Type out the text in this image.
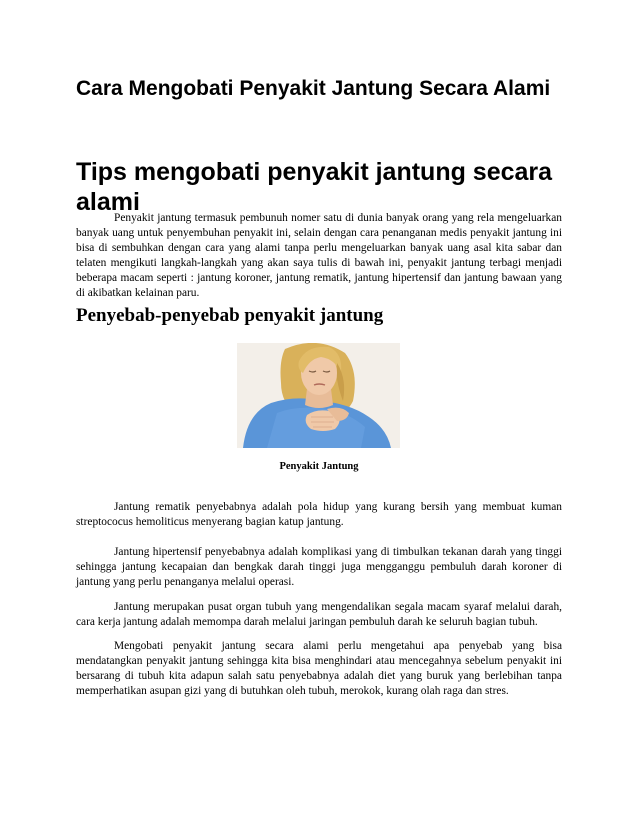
Cara Mengobati Penyakit Jantung Secara Alami
Tips mengobati penyakit jantung secara alami

Penyakit jantung termasuk pembunuh nomer satu di dunia banyak orang yang rela mengeluarkan banyak uang untuk penyembuhan penyakit ini, selain dengan cara penanganan medis penyakit jantung ini bisa di sembuhkan dengan cara yang alami tanpa perlu mengeluarkan banyak uang asal kita sabar dan telaten mengikuti langkah-langkah yang akan saya tulis di bawah ini, penyakit jantung terbagi menjadi beberapa macam seperti : jantung koroner, jantung rematik, jantung hipertensif dan jantung bawaan yang di akibatkan kelainan paru.

Penyebab-penyebab penyakit jantung
Penyakit Jantung

Jantung rematik penyebabnya adalah pola hidup yang kurang bersih yang membuat kuman streptococus hemoliticus menyerang bagian katup jantung.

Jantung hipertensif penyebabnya adalah komplikasi yang di timbulkan tekanan darah yang tinggi sehingga jantung kecapaian dan bengkak darah tinggi juga mengganggu pembuluh darah koroner di jantung yang perlu penanganya melalui operasi.

Jantung merupakan pusat organ tubuh yang mengendalikan segala macam syaraf melalui darah, cara kerja jantung adalah memompa darah melalui jaringan pembuluh darah ke seluruh bagian tubuh.

Mengobati penyakit jantung secara alami perlu mengetahui apa penyebab yang bisa mendatangkan penyakit jantung sehingga kita bisa menghindari atau mencegahnya sebelum penyakit ini bersarang di tubuh kita adapun salah satu penyebabnya adalah diet yang buruk yang berlebihan tanpa memperhatikan asupan gizi yang di butuhkan oleh tubuh, merokok, kurang olah raga dan stres.
